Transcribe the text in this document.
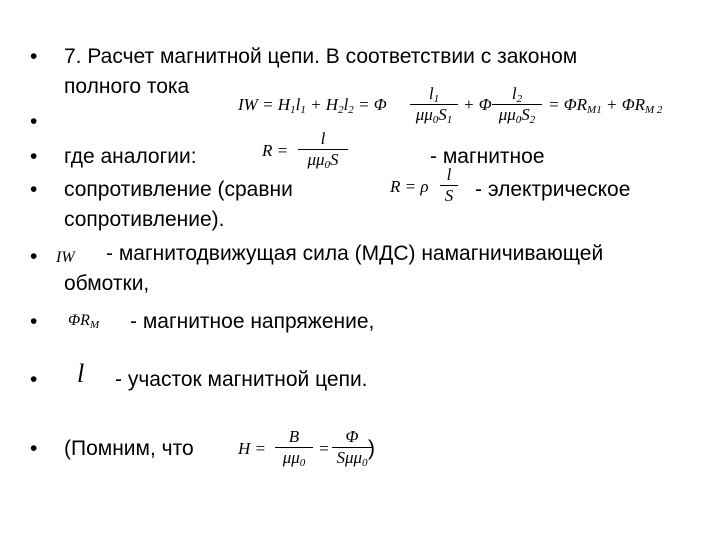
•
•
•
•
•
•
•
•
7. Расчет магнитной цепи. В соответствии с законом
полного тока
где аналогии:	- магнитное
сопротивление (сравни	- электрическое
сопротивление).
- магнитодвижущая сила (МДС) намагничивающей
обмотки,
- магнитное напряжение,
- участок магнитной цепи.
(Помним, что	)
IW = $H_1l_1 + H_2l_2 = \Phi$
$l_1$
$\mu\mu_0S_1$
+ Φ
$l_2$
$\mu\mu_0S_2$
= $\Phi R_{M1} + \Phi R_{M 2}$
R =
l
$\mu\mu_0S$
R = ρ
l
S
IW
$\Phi R_M$
l
H =
B
$\mu\mu_0$
=
Φ
Sμμ$_0$
